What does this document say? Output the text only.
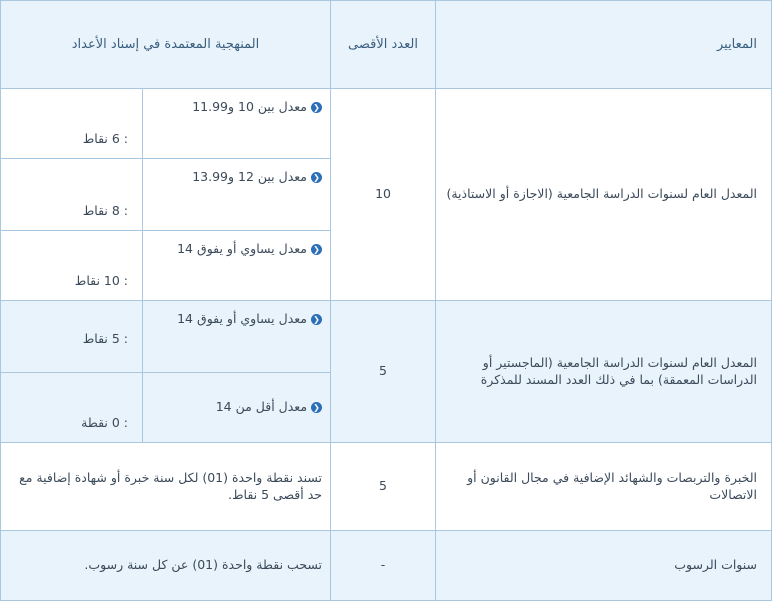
المعايير	العدد الأقصى	المنهجية المعتمدة في إسناد الأعداد	
المعدل العام لسنوات الدراسة الجامعية (الاجازة أو الاستاذية)	10	❮معدل بين 10 و11.99	: 6 نقاط
		❮معدل بين 12 و13.99	: 8 نقاط
		❮معدل يساوي أو يفوق 14	: 10 نقاط
المعدل العام لسنوات الدراسة الجامعية (الماجستير أو الدراسات المعمقة) بما في ذلك العدد المسند للمذكرة	5	❮معدل يساوي أو يفوق 14	: 5 نقاط
		❮معدل أقل من 14	: 0 نقطة
الخبرة والتربصات والشهائد الإضافية في مجال القانون أو الاتصالات	5	تسند نقطة واحدة (01) لكل سنة خبرة أو شهادة إضافية مع حد أقصى 5 نقاط.	
سنوات الرسوب	-	تسحب نقطة واحدة (01) عن كل سنة رسوب.	
